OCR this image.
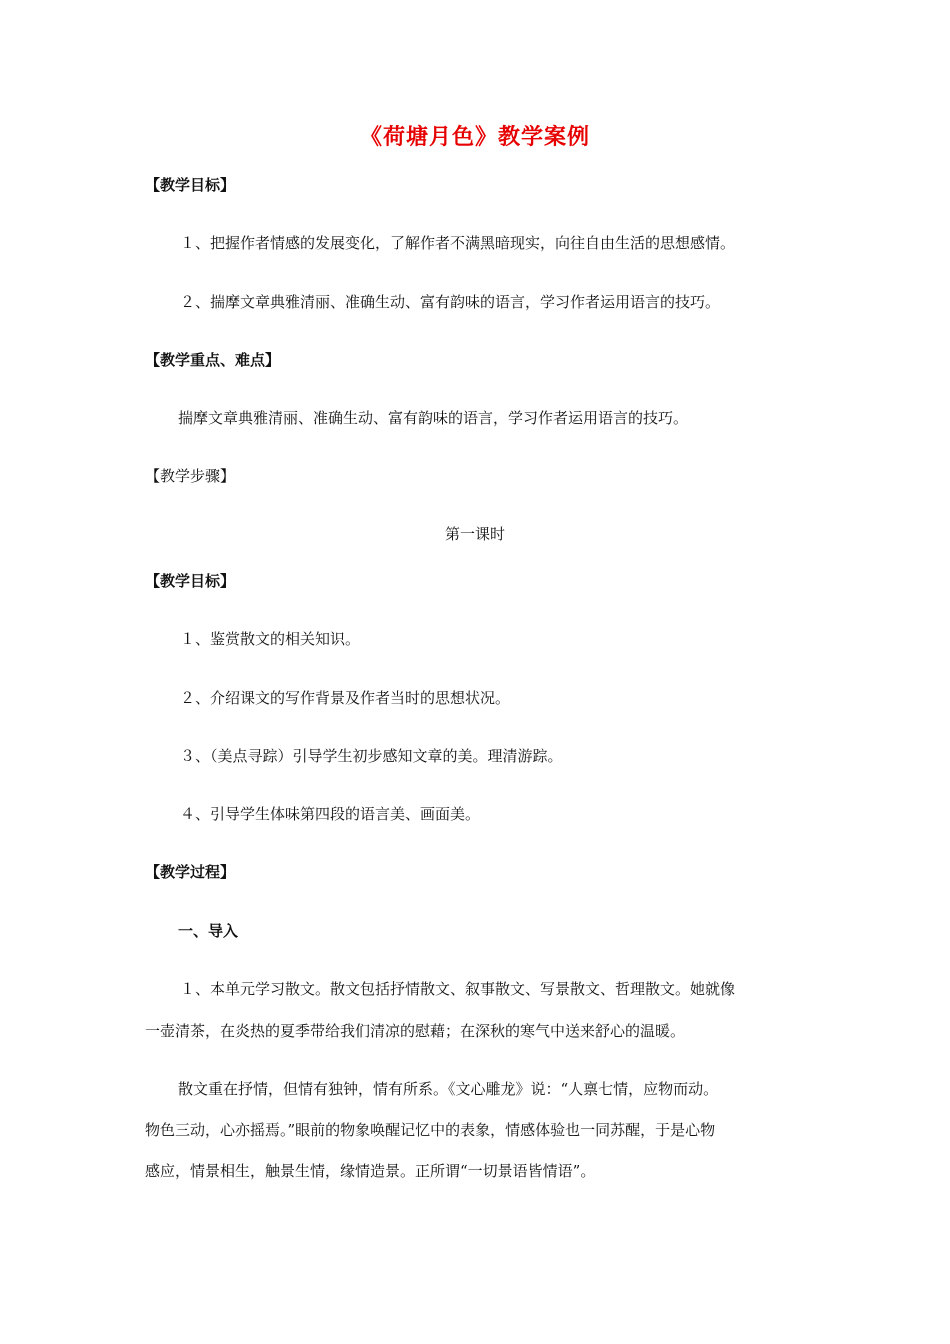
《荷塘月色》教学案例
【教学目标】
１、把握作者情感的发展变化，了解作者不满黑暗现实，向往自由生活的思想感情。
２、揣摩文章典雅清丽、准确生动、富有韵味的语言，学习作者运用语言的技巧。
【教学重点、难点】
揣摩文章典雅清丽、准确生动、富有韵味的语言，学习作者运用语言的技巧。
【教学步骤】
第一课时
【教学目标】
１、鉴赏散文的相关知识。
２、介绍课文的写作背景及作者当时的思想状况。
３、（美点寻踪）引导学生初步感知文章的美。理清游踪。
４、引导学生体味第四段的语言美、画面美。
【教学过程】
一、导入
１、本单元学习散文。散文包括抒情散文、叙事散文、写景散文、哲理散文。她就像
一壶清茶，在炎热的夏季带给我们清凉的慰藉；在深秋的寒气中送来舒心的温暖。
散文重在抒情，但情有独钟，情有所系。《文心雕龙》说：“人禀七情，应物而动。
物色三动，心亦摇焉。”眼前的物象唤醒记忆中的表象，情感体验也一同苏醒，于是心物
感应，情景相生，触景生情，缘情造景。正所谓“一切景语皆情语”。
